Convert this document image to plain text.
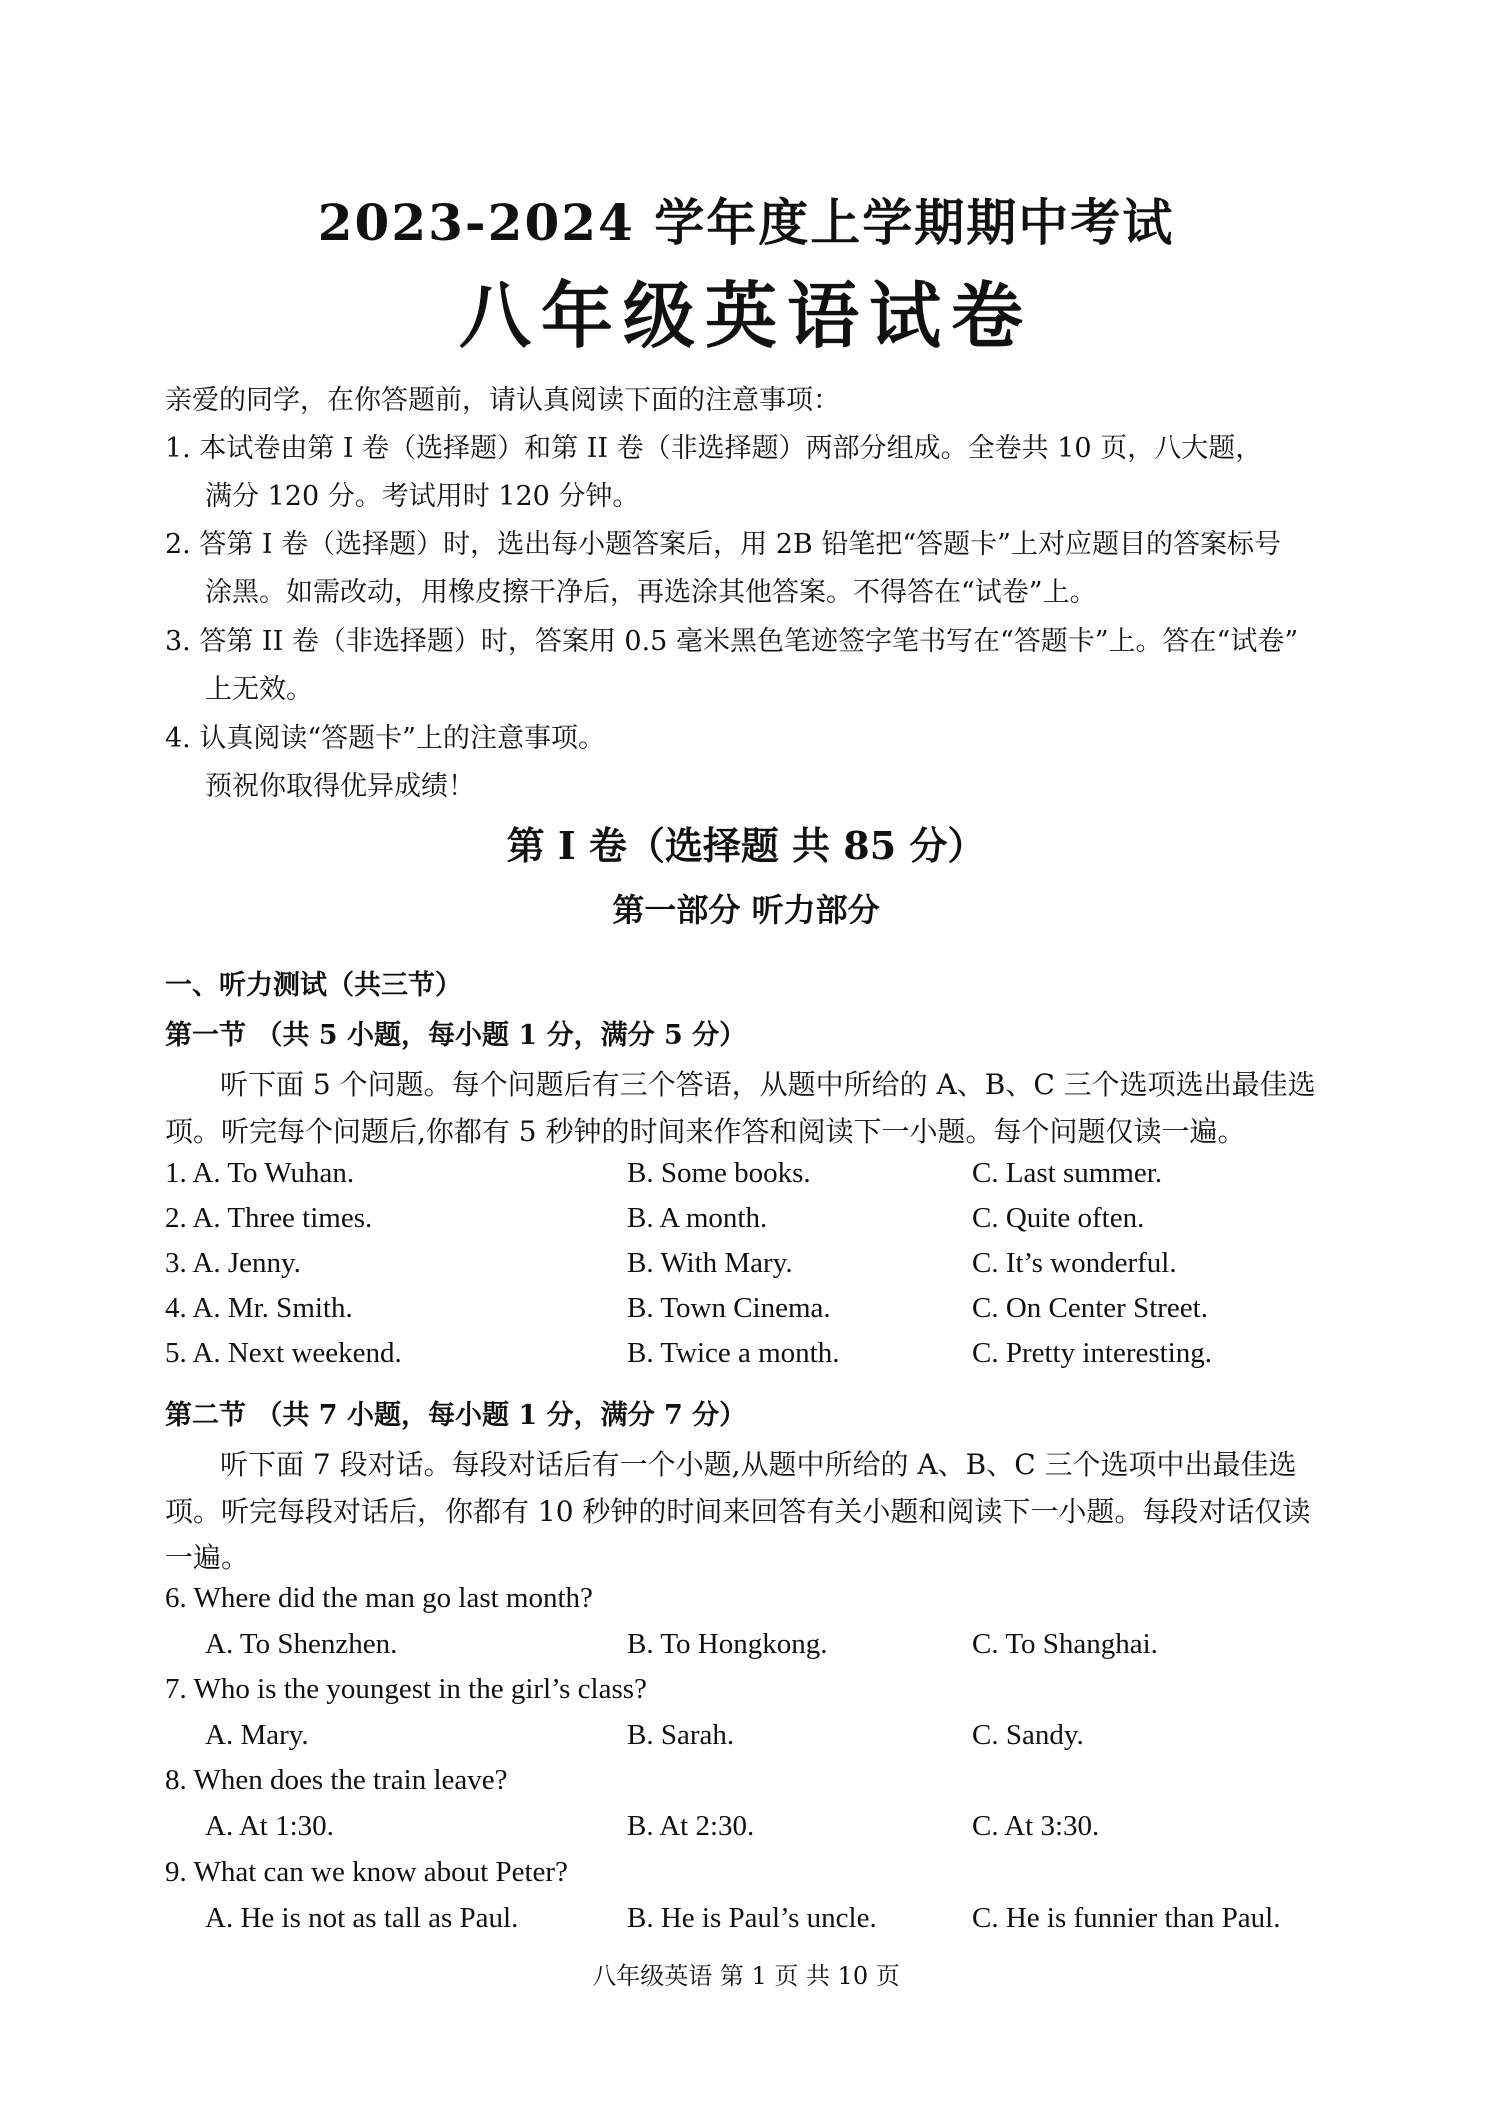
2023-2024 学年度上学期期中考试
八年级英语试卷
亲爱的同学，在你答题前，请认真阅读下面的注意事项：
1. 本试卷由第 I 卷（选择题）和第 II 卷（非选择题）两部分组成。全卷共 10 页，八大题，
满分 120 分。考试用时 120 分钟。
2. 答第 I 卷（选择题）时，选出每小题答案后，用 2B 铅笔把“答题卡”上对应题目的答案标号
涂黑。如需改动，用橡皮擦干净后，再选涂其他答案。不得答在“试卷”上。
3. 答第 II 卷（非选择题）时，答案用 0.5 毫米黑色笔迹签字笔书写在“答题卡”上。答在“试卷”
上无效。
4. 认真阅读“答题卡”上的注意事项。
预祝你取得优异成绩！
第 I 卷（选择题 共 85 分）
第一部分 听力部分
一、听力测试（共三节）
第一节 （共 5 小题，每小题 1 分，满分 5 分）
听下面 5 个问题。每个问题后有三个答语，从题中所给的 A、B、C 三个选项选出最佳选
项。听完每个问题后,你都有 5 秒钟的时间来作答和阅读下一小题。每个问题仅读一遍。
1. A. To Wuhan.	B. Some books.	C. Last summer.
2. A. Three times.	B. A month.	C. Quite often.
3. A. Jenny.	B. With Mary.	C. It’s wonderful.
4. A. Mr. Smith.	B. Town Cinema.	C. On Center Street.
5. A. Next weekend.	B. Twice a month.	C. Pretty interesting.
第二节 （共 7 小题，每小题 1 分，满分 7 分）
听下面 7 段对话。每段对话后有一个小题,从题中所给的 A、B、C 三个选项中出最佳选
项。听完每段对话后，你都有 10 秒钟的时间来回答有关小题和阅读下一小题。每段对话仅读
一遍。
6. Where did the man go last month?
A. To Shenzhen.	B. To Hongkong.	C. To Shanghai.
7. Who is the youngest in the girl’s class?
A. Mary.	B. Sarah.	C. Sandy.
8. When does the train leave?
A. At 1:30.	B. At 2:30.	C. At 3:30.
9. What can we know about Peter?
A. He is not as tall as Paul.	B. He is Paul’s uncle.	C. He is funnier than Paul.
八年级英语 第 1 页 共 10 页
